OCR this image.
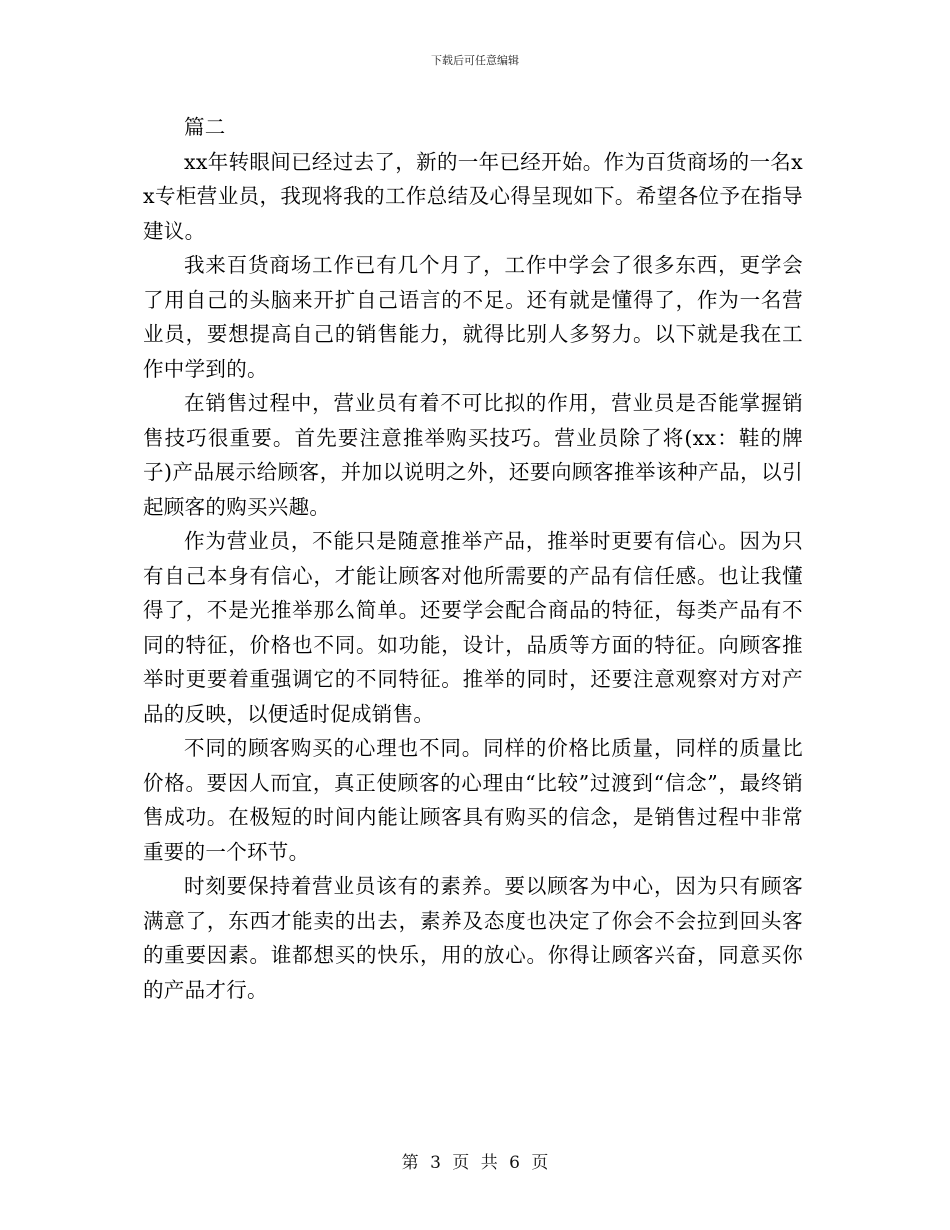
下载后可任意编辑

篇二

xx年转眼间已经过去了，新的一年已经开始。作为百货商场的一名xx专柜营业员，我现将我的工作总结及心得呈现如下。希望各位予在指导建议。

我来百货商场工作已有几个月了，工作中学会了很多东西，更学会了用自己的头脑来开扩自己语言的不足。还有就是懂得了，作为一名营业员，要想提高自己的销售能力，就得比别人多努力。以下就是我在工作中学到的。

在销售过程中，营业员有着不可比拟的作用，营业员是否能掌握销售技巧很重要。首先要注意推举购买技巧。营业员除了将(xx：鞋的牌子)产品展示给顾客，并加以说明之外，还要向顾客推举该种产品，以引起顾客的购买兴趣。

作为营业员，不能只是随意推举产品，推举时更要有信心。因为只有自己本身有信心，才能让顾客对他所需要的产品有信任感。也让我懂得了，不是光推举那么简单。还要学会配合商品的特征，每类产品有不同的特征，价格也不同。如功能，设计，品质等方面的特征。向顾客推举时更要着重强调它的不同特征。推举的同时，还要注意观察对方对产品的反映，以便适时促成销售。

不同的顾客购买的心理也不同。同样的价格比质量，同样的质量比价格。要因人而宜，真正使顾客的心理由“比较”过渡到“信念”，最终销售成功。在极短的时间内能让顾客具有购买的信念，是销售过程中非常重要的一个环节。

时刻要保持着营业员该有的素养。要以顾客为中心，因为只有顾客满意了，东西才能卖的出去，素养及态度也决定了你会不会拉到回头客的重要因素。谁都想买的快乐，用的放心。你得让顾客兴奋，同意买你的产品才行。

第 3 页 共 6 页
